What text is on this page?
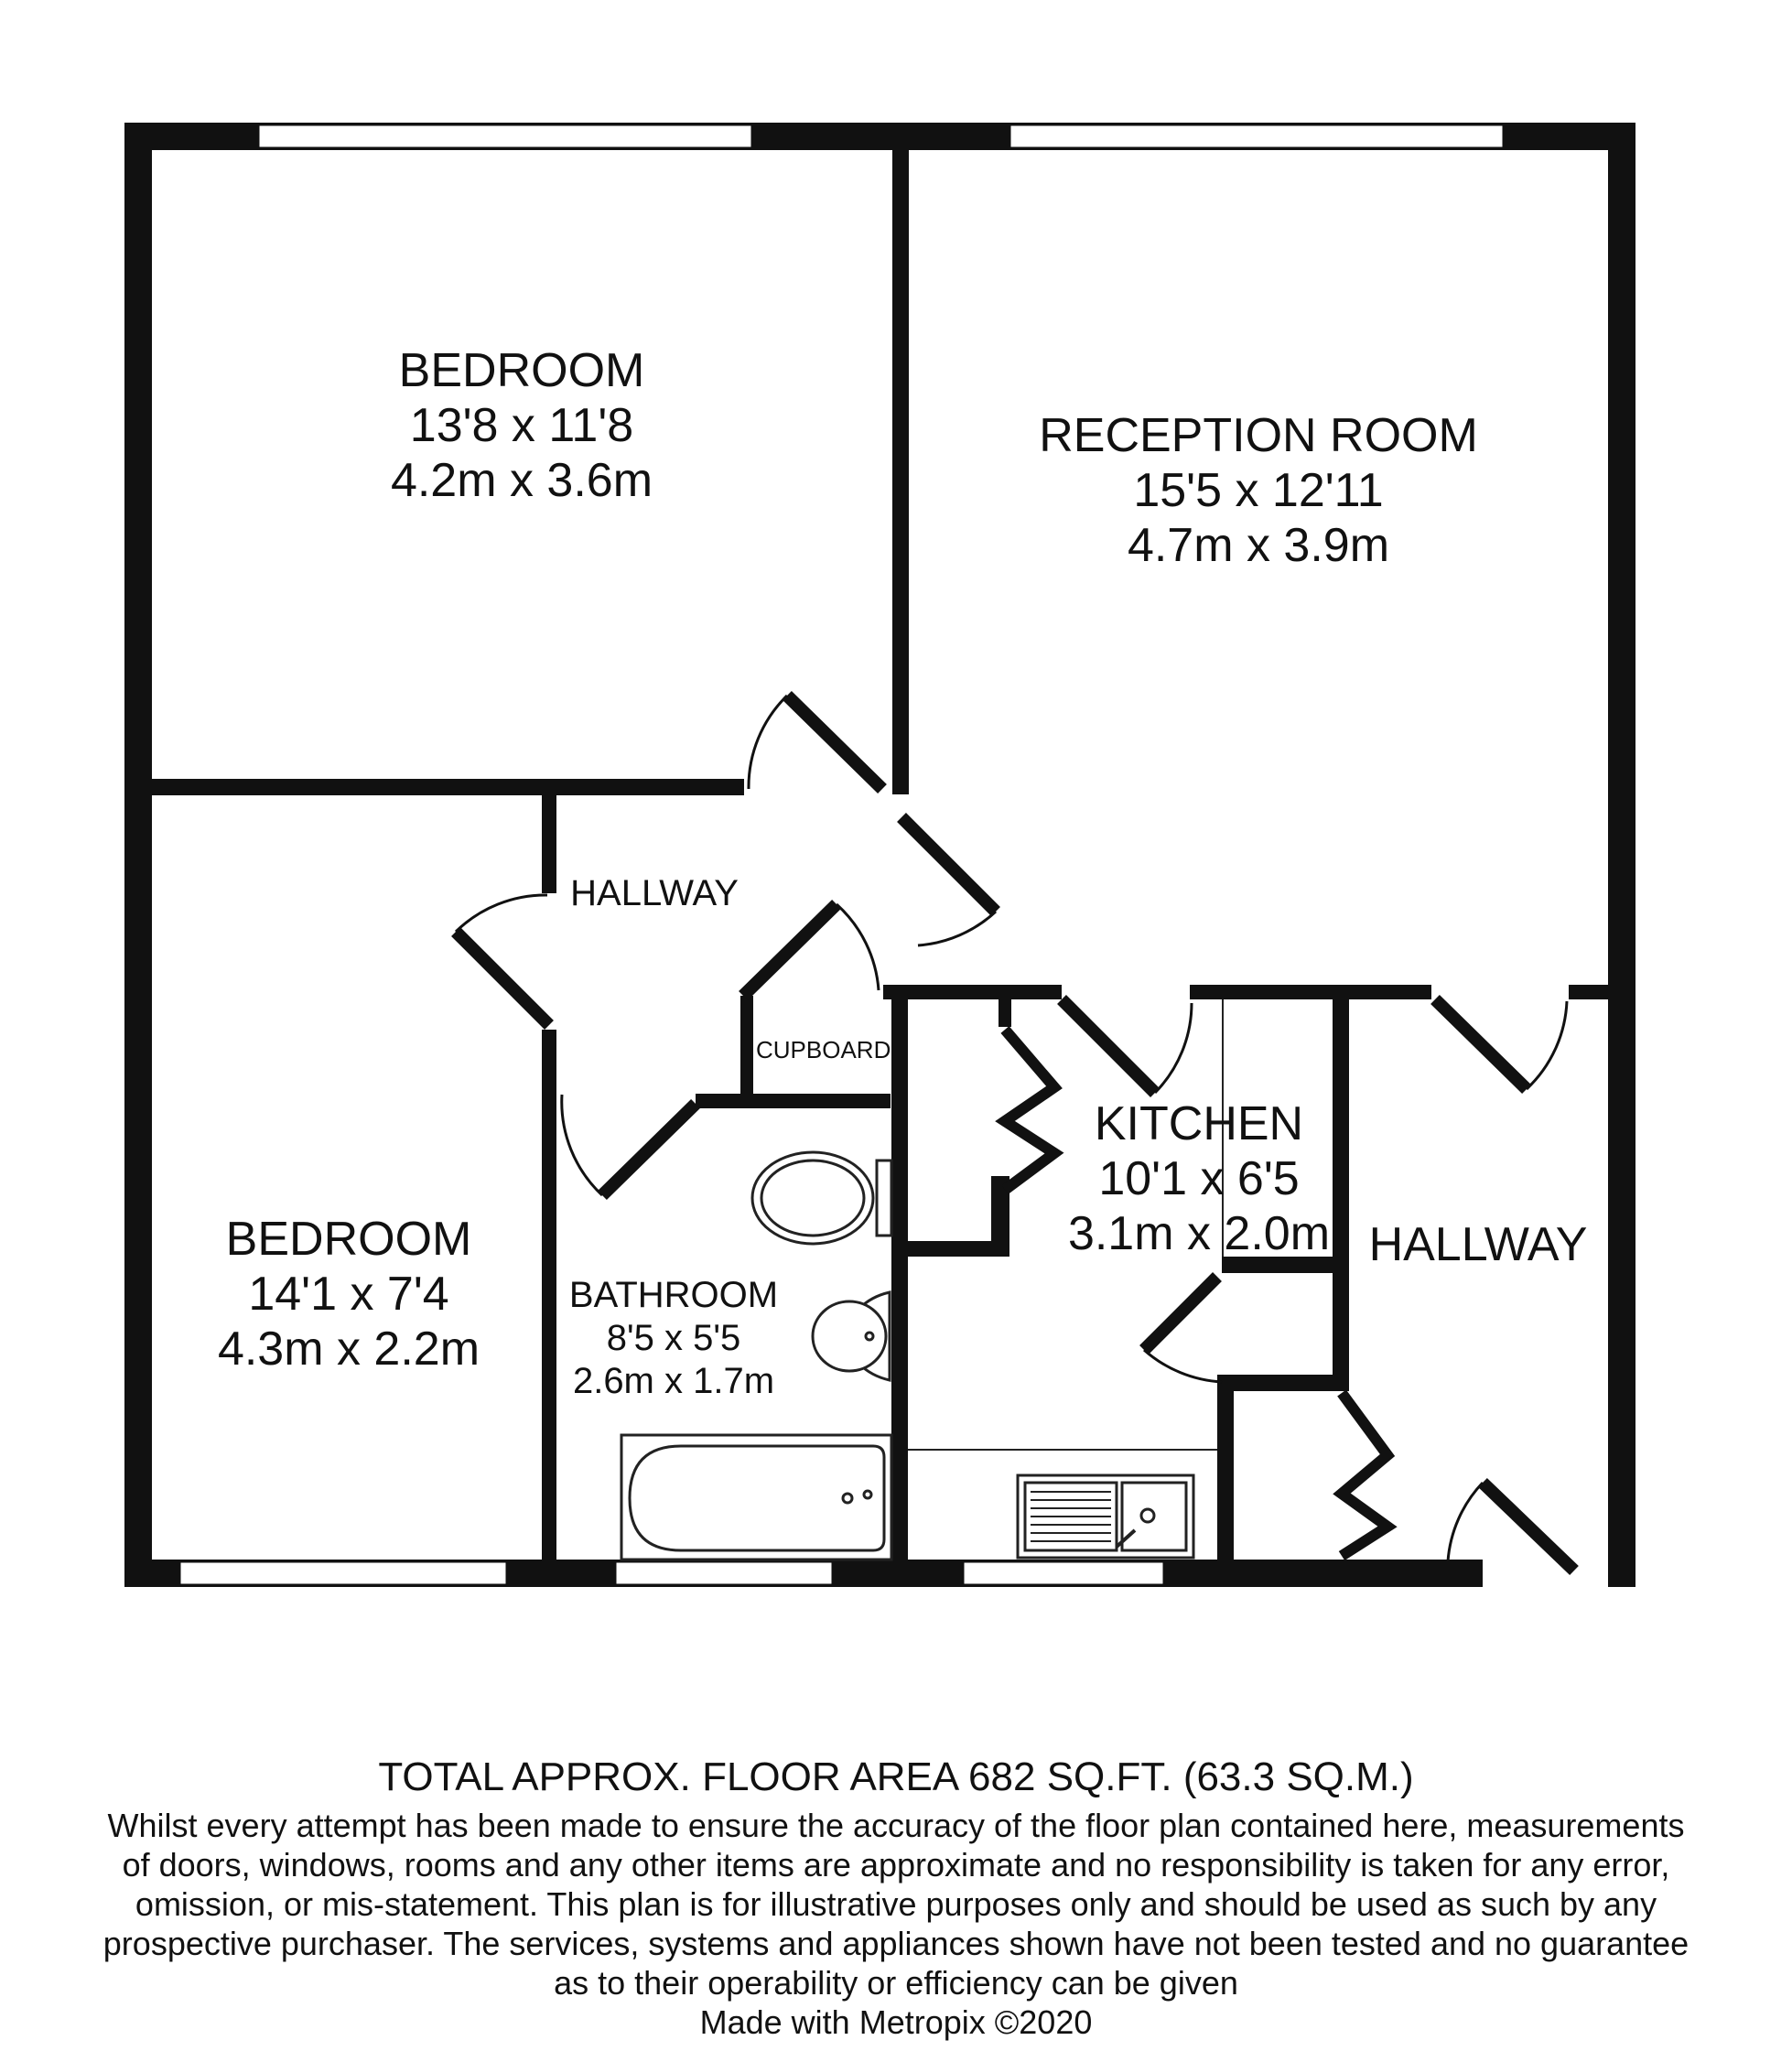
BEDROOM
13'8 x 11'8
4.2m x 3.6m
RECEPTION ROOM
15'5 x 12'11
4.7m x 3.9m
HALLWAY
CUPBOARD
KITCHEN
10'1 x 6'5
3.1m x 2.0m HALLWAY
BEDROOM
14'1 x 7'4
4.3m x 2.2m
BATHROOM
8'5 x 5'5
2.6m x 1.7m
TOTAL APPROX. FLOOR AREA 682 SQ.FT. (63.3 SQ.M.)
Whilst every attempt has been made to ensure the accuracy of the floor plan contained here, measurements of doors, windows, rooms and any other items are approximate and no responsibility is taken for any error, omission, or mis-statement. This plan is for illustrative purposes only and should be used as such by any prospective purchaser. The services, systems and appliances shown have not been tested and no guarantee as to their operability or efficiency can be given
Made with Metropix ©2020
